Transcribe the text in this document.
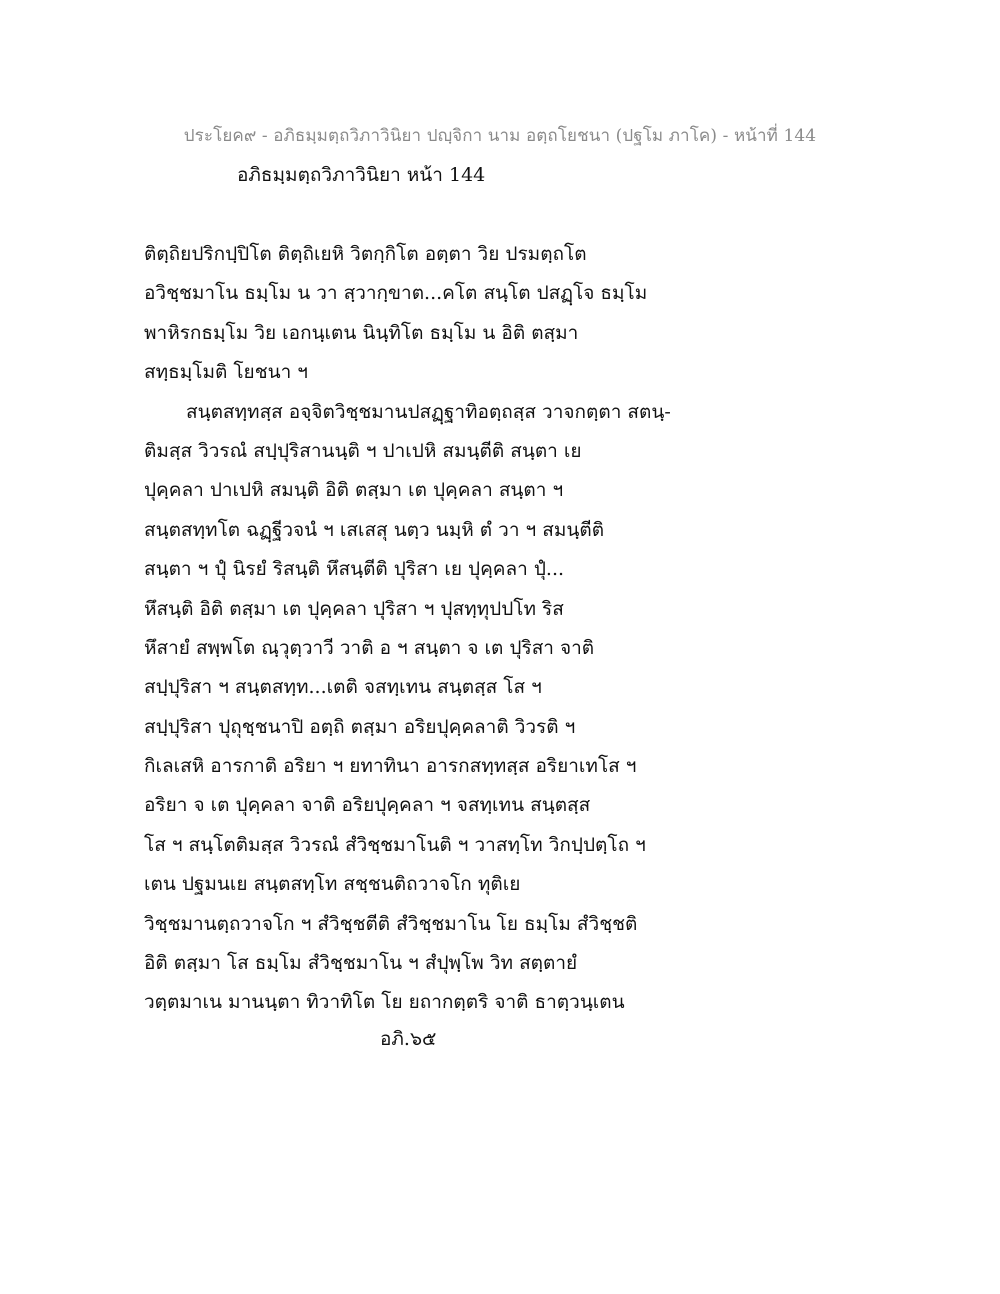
ประโยค๙ - อภิธมฺมตฺถวิภาวินิยา ปญฺจิกา นาม อตฺถโยชนา (ปฐโม ภาโค) - หน้าที่ 144
อภิธมฺมตฺถวิภาวินิยา หน้า 144
ติตฺถิยปริกปฺปิโต ติตฺถิเยหิ วิตกฺกิโต อตฺตา วิย ปรมตฺถโต
อวิชฺชมาโน ธมฺโม น วา สฺวากฺขาต...คโต สนฺโต ปสฏฺโจ ธมฺโม
พาหิรกธมฺโม วิย เอกนฺเตน นินฺทิโต ธมฺโม น อิติ ตสฺมา
สทฺธมฺโมติ โยชนา ฯ
สนฺตสทฺทสฺส อจฺจิตวิชฺชมานปสฏฺฐาทิอตฺถสฺส วาจกตฺตา สตนฺ-
ติมสฺส วิวรณํ สปฺปุริสานนฺติ ฯ ปาเปหิ สมนฺตีติ สนฺตา เย
ปุคฺคลา ปาเปหิ สมนฺติ อิติ ตสฺมา เต ปุคฺคลา สนฺตา ฯ
สนฺตสทฺทโต ฉฏฺฐีวจนํ ฯ เสเสสุ นตฺว นมฺหิ ตํ วา ฯ สมนฺตีติ
สนฺตา ฯ ปุํ นิรยํ ริสนฺติ หึสนฺตีติ ปุริสา เย ปุคฺคลา ปุํ...
หึสนฺติ อิติ ตสฺมา เต ปุคฺคลา ปุริสา ฯ ปุสทฺทุปปโท ริส
หึสายํ สพฺพโต ณฺวุตฺวาวี วาติ อ ฯ สนฺตา จ เต ปุริสา จาติ
สปฺปุริสา ฯ สนฺตสทฺท...เตติ จสทฺเทน สนฺตสฺส โส ฯ
สปฺปุริสา ปุถุชฺชนาปิ อตฺถิ ตสฺมา อริยปุคฺคลาติ วิวรติ ฯ
กิเลเสหิ อารกาติ อริยา ฯ ยทาทินา อารกสทฺทสฺส อริยาเทโส ฯ
อริยา จ เต ปุคฺคลา จาติ อริยปุคฺคลา ฯ จสทฺเทน สนฺตสฺส
โส ฯ สนฺโตติมสฺส วิวรณํ สํวิชฺชมาโนติ ฯ วาสทฺโท วิกปฺปตฺโถ ฯ
เตน ปฐมนเย สนฺตสทฺโท สชฺชนติถวาจโก ทุติเย
วิชฺชมานตฺถวาจโก ฯ สํวิชฺชตีติ สํวิชฺชมาโน โย ธมฺโม สํวิชฺชติ
อิติ ตสฺมา โส ธมฺโม สํวิชฺชมาโน ฯ สํปุพฺโพ วิท สตฺตายํ
วตฺตมาเน มานนฺตา ทิวาทิโต โย ยถากตฺตริ จาติ ธาตฺวนฺเตน
อภิ.๖๕
